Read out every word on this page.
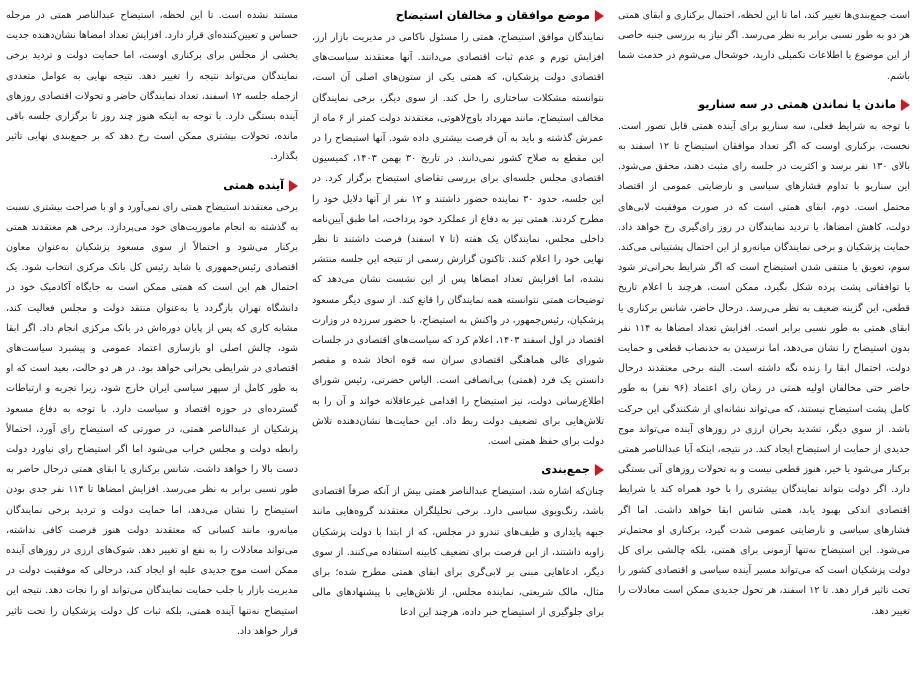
است جمع‌بندی‌ها تغییر کند، اما تا این لحظه، احتمال برکناری و ابقای همتی هر دو به طور نسبی برابر به نظر می‌رسد. اگر نیاز به بررسی جنبه خاصی از این موضوع یا اطلاعات تکمیلی دارید، خوشحال می‌شوم در خدمت شما باشم.

ماندن یا نماندن همتی در سه سناریو

با توجه به شرایط فعلی، سه سناریو برای آینده همتی قابل تصور است. نخست، برکناری اوست که اگر تعداد موافقان استیضاح تا ۱۲ اسفند به بالای ۱۳۰ نفر برسد و اکثریت در جلسه رای مثبت دهند، محقق می‌شود. این سناریو با تداوم فشارهای سیاسی و نارضایتی عمومی از اقتصاد محتمل است. دوم، ابقای همتی است که در صورت موفقیت لابی‌های دولت، کاهش امضاها، یا تردید نمایندگان در روز رای‌گیری رخ خواهد داد. حمایت پزشکیان و برخی نمایندگان میانه‌رو از این احتمال پشتیبانی می‌کند. سوم، تعویق یا منتفی شدن استیضاح است که اگر شرایط بحرانی‌تر شود یا توافقاتی پشت پرده شکل بگیرد، ممکن است، هرچند با اعلام تاریخ قطعی، این گزینه ضعیف به نظر می‌رسد. درحال حاضر، شانس برکناری یا ابقای همتی به طور نسبی برابر است. افزایش تعداد امضاها به ۱۱۴ نفر بدون استیضاح را نشان می‌دهد، اما نرسیدن به حدنصاب قطعی و حمایت دولت، احتمال ابقا را زنده نگه داشته است. البته برخی معتقدند درحال حاضر حتی مخالفان اولیه همتی در زمان رای اعتماد (۹۶ نفر) به طور کامل پشت استیضاح نیستند، که می‌تواند نشانه‌ای از شکنندگی این حرکت باشد. از سوی دیگر، تشدید بحران ارزی در روزهای آینده می‌تواند موج جدیدی از حمایت از استیضاح ایجاد کند. در نتیجه، اینکه آیا عبدالناصر همتی برکنار می‌شود یا خیر، هنوز قطعی نیست و به تحولات روزهای آتی بستگی دارد. اگر دولت بتواند نمایندگان بیشتری را با خود همراه کند یا شرایط اقتصادی اندکی بهبود یابد، همتی شانس ابقا خواهد داشت. اما اگر فشارهای سیاسی و نارضایتی عمومی شدت گیرد، برکناری او محتمل‌تر می‌شود. این استیضاح نه‌تنها آزمونی برای همتی، بلکه چالشی برای کل دولت پزشکیان است که می‌تواند مسیر آینده سیاسی و اقتصادی کشور را تحت تاثیر قرار دهد. تا ۱۲ اسفند، هر تحول جدیدی ممکن است معادلات را تغییر دهد.

موضع موافقان و مخالفان استیضاح

نمایندگان موافق استیضاح، همتی را مسئول ناکامی در مدیریت بازار ارز، افزایش تورم و عدم ثبات اقتصادی می‌دانند. آنها معتقدند سیاست‌های اقتصادی دولت پزشکیان، که همتی یکی از ستون‌های اصلی آن است، نتوانسته مشکلات ساختاری را حل کند. از سوی دیگر، برخی نمایندگان مخالف استیضاح، مانند مهرداد باوج‌لاهوتی، معتقدند دولت کمتر از ۶ ماه از عمرش گذشته و باید به آن فرصت بیشتری داده شود. آنها استیضاح را در این مقطع به صلاح کشور نمی‌دانند. در تاریخ ۳۰ بهمن ۱۴۰۳، کمیسیون اقتصادی مجلس جلسه‌ای برای بررسی تقاضای استیضاح برگزار کرد. در این جلسه، حدود ۳۰ نماینده حضور داشتند و ۱۲ نفر از آنها دلایل خود را مطرح کردند. همتی نیز به دفاع از عملکرد خود پرداخت، اما طبق آیین‌نامه داخلی مجلس، نمایندگان یک هفته (تا ۷ اسفند) فرصت داشتند تا نظر نهایی خود را اعلام کنند. تاکنون گزارش رسمی از نتیجه این جلسه منتشر نشده، اما افزایش تعداد امضاها پس از این نشست نشان می‌دهد که توضیحات همتی نتوانسته همه نمایندگان را قانع کند. از سوی دیگر مسعود پزشکیان، رئیس‌جمهور، در واکنش به استیضاح، با حضور سرزده در وزارت اقتصاد در اول اسفند ۱۴۰۳، اعلام کرد که سیاست‌های اقتصادی در جلسات شورای عالی هماهنگی اقتصادی سران سه قوه اتخاذ شده و مقصر دانستن یک فرد (همتی) بی‌انصافی است. الیاس حضرتی، رئیس شورای اطلاع‌رسانی دولت، نیز استیضاح را اقدامی غیرعاقلانه خواند و آن را به تلاش‌هایی برای تضعیف دولت ربط داد. این حمایت‌ها نشان‌دهنده تلاش دولت برای حفظ همتی است.

جمع‌بندی

چنان‌که اشاره شد، استیضاح عبدالناصر همتی بیش از آنکه صرفاً اقتصادی باشد، رنگ‌وبوی سیاسی دارد. برخی تحلیلگران معتقدند گروه‌هایی مانند جبهه پایداری و طیف‌های تندرو در مجلس، که از ابتدا با دولت پزشکیان زاویه داشتند، از این فرصت برای تضعیف کابینه استفاده می‌کنند. از سوی دیگر، ادعاهایی مبنی بر لابی‌گری برای ابقای همتی مطرح شده؛ برای مثال، مالک شریعتی، نماینده مجلس، از تلاش‌هایی با پیشنهادهای مالی برای جلوگیری از استیضاح خبر داده، هرچند این ادعا

مستند نشده است. تا این لحظه، استیضاح عبدالناصر همتی در مرحله حساس و تعیین‌کننده‌ای قرار دارد. افزایش تعداد امضاها نشان‌دهنده جدیت بخشی از مجلس برای برکناری اوست، اما حمایت دولت و تردید برخی نمایندگان می‌تواند نتیجه را تغییر دهد. نتیجه نهایی به عوامل متعددی ازجمله جلسه ۱۲ اسفند، تعداد نمایندگان حاضر و تحولات اقتصادی روزهای آینده بستگی دارد. با توجه به اینکه هنوز چند روز تا برگزاری جلسه باقی مانده، تحولات بیشتری ممکن است رخ دهد که بر جمع‌بندی نهایی تاثیر بگذارد.

آینده همتی

برخی معتقدند استیضاح همتی رای نمی‌آورد و او با صراحت بیشتری نسبت به گذشته به انجام ماموریت‌های خود می‌پردازد. برخی هم معتقدند همتی برکنار می‌شود و احتمالاً از سوی مسعود پزشکیان به‌عنوان معاون اقتصادی رئیس‌جمهوری یا شاید رئیس کل بانک مرکزی انتخاب شود. یک احتمال هم این است که همتی ممکن است به جایگاه آکادمیک خود در دانشگاه تهران بازگردد یا به‌عنوان منتقد دولت و مجلس فعالیت کند، مشابه کاری که پس از پایان دوره‌اش در بانک مرکزی انجام داد. اگر ابقا شود، چالش اصلی او بازسازی اعتماد عمومی و پیشبرد سیاست‌های اقتصادی در شرایطی بحرانی خواهد بود. در هر دو حالت، بعید است که او به طور کامل از سپهر سیاسی ایران خارج شود، زیرا تجربه و ارتباطات گسترده‌ای در حوزه اقتصاد و سیاست دارد. با توجه به دفاع مسعود پزشکیان از عبدالناصر همتی، در صورتی که استیضاح رای آورد، احتمالاً رابطه دولت و مجلس خراب می‌شود اما اگر استیضاح رای نیاورد دولت دست بالا را خواهد داشت. شانس برکناری یا ابقای همتی درحال حاضر به طور نسبی برابر به نظر می‌رسد. افزایش امضاها تا ۱۱۴ نفر جدی بودن استیضاح را نشان می‌دهد، اما حمایت دولت و تردید برخی نمایندگان میانه‌رو، مانند کسانی که معتقدند دولت هنوز فرصت کافی نداشته، می‌تواند معادلات را به نفع او تغییر دهد. شوک‌های ارزی در روزهای آینده ممکن است موج جدیدی علیه او ایجاد کند، درحالی که موفقیت دولت در مدیریت بازار یا جلب حمایت نمایندگان می‌تواند او را نجات دهد. نتیجه این استیضاح نه‌تنها آینده همتی، بلکه ثبات کل دولت پزشکیان را تحت تاثیر قرار خواهد داد.
